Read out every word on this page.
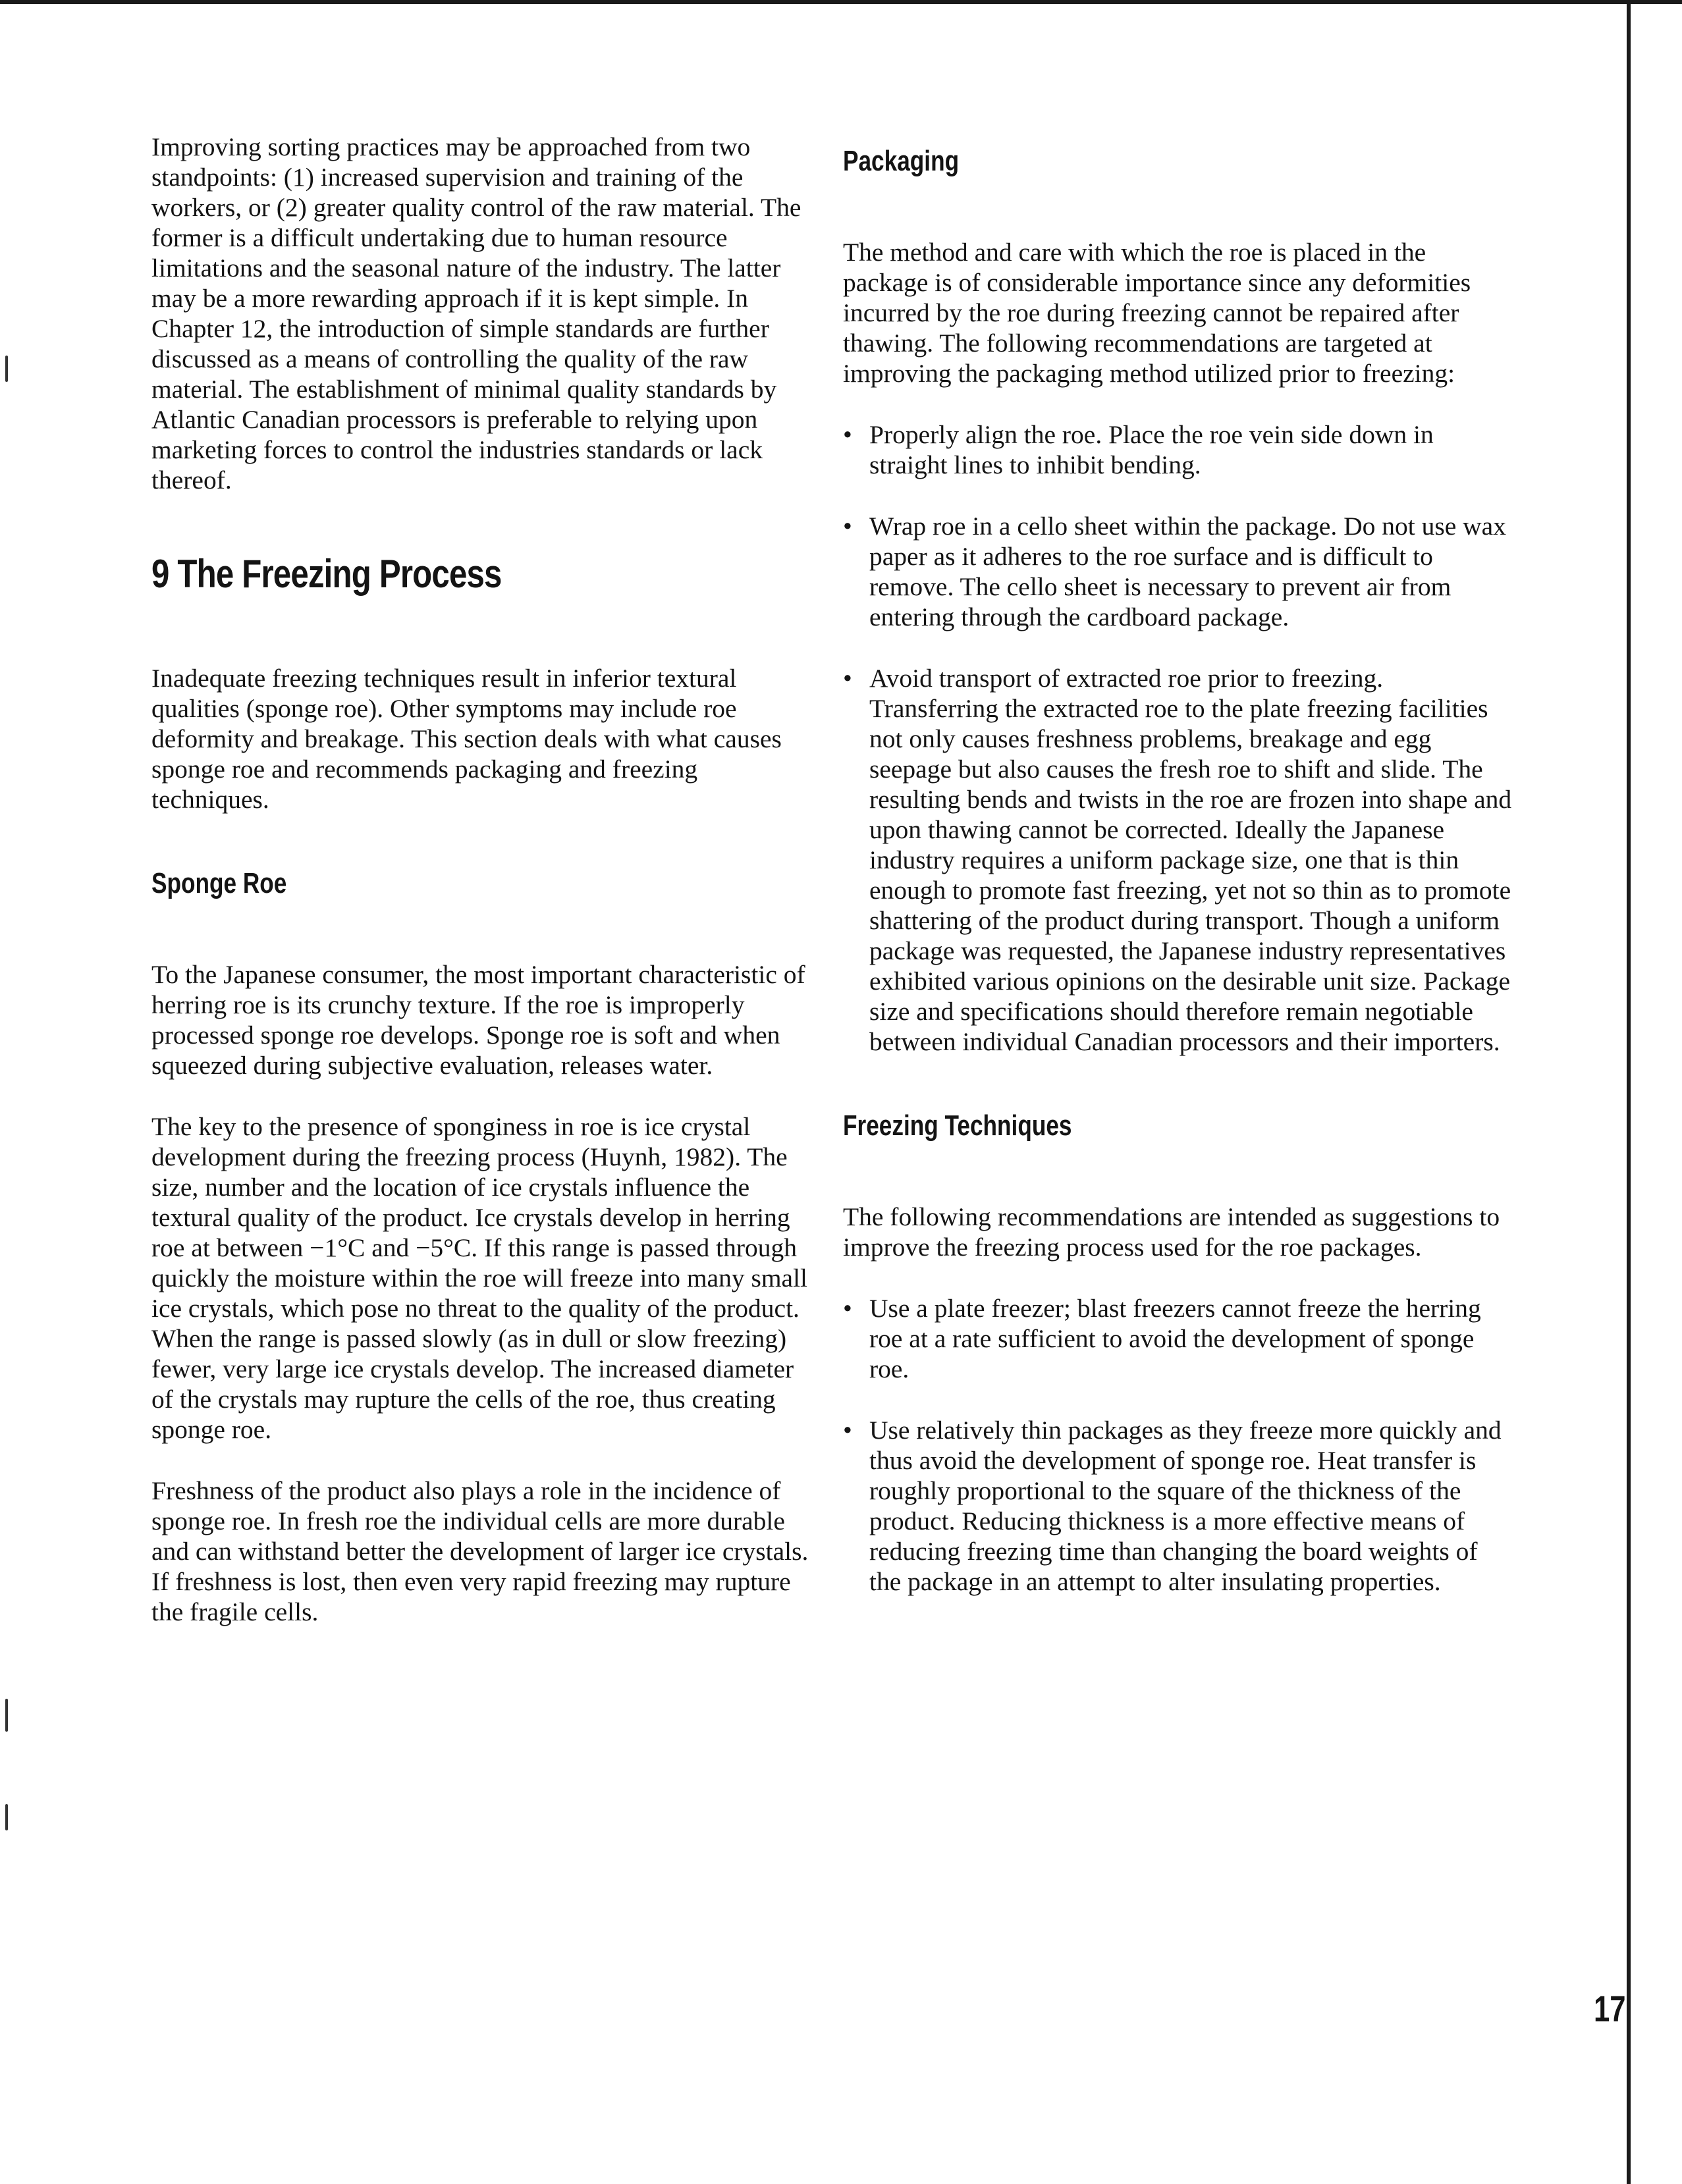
Improving sorting practices may be approached from two standpoints: (1) increased supervision and training of the workers, or (2) greater quality control of the raw material. The former is a difficult undertaking due to human resource limitations and the seasonal nature of the industry. The latter may be a more rewarding approach if it is kept simple. In Chapter 12, the introduction of simple standards are further discussed as a means of controlling the quality of the raw material. The establishment of minimal quality standards by Atlantic Canadian processors is preferable to relying upon marketing forces to control the industries standards or lack thereof.

9 The Freezing Process

Inadequate freezing techniques result in inferior textural qualities (sponge roe). Other symptoms may include roe deformity and breakage. This section deals with what causes sponge roe and recommends packaging and freezing techniques.

Sponge Roe

To the Japanese consumer, the most important characteristic of herring roe is its crunchy texture. If the roe is improperly processed sponge roe develops. Sponge roe is soft and when squeezed during subjective evaluation, releases water.

The key to the presence of sponginess in roe is ice crystal development during the freezing process (Huynh, 1982). The size, number and the location of ice crystals influence the textural quality of the product. Ice crystals develop in herring roe at between −1°C and −5°C. If this range is passed through quickly the moisture within the roe will freeze into many small ice crystals, which pose no threat to the quality of the product. When the range is passed slowly (as in dull or slow freezing) fewer, very large ice crystals develop. The increased diameter of the crystals may rupture the cells of the roe, thus creating sponge roe.

Freshness of the product also plays a role in the incidence of sponge roe. In fresh roe the individual cells are more durable and can withstand better the development of larger ice crystals. If freshness is lost, then even very rapid freezing may rupture the fragile cells.

Packaging

The method and care with which the roe is placed in the package is of considerable importance since any deformities incurred by the roe during freezing cannot be repaired after thawing. The following recommendations are targeted at improving the packaging method utilized prior to freezing:

• Properly align the roe. Place the roe vein side down in straight lines to inhibit bending.
• Wrap roe in a cello sheet within the package. Do not use wax paper as it adheres to the roe surface and is difficult to remove. The cello sheet is necessary to prevent air from entering through the cardboard package.
• Avoid transport of extracted roe prior to freezing. Transferring the extracted roe to the plate freezing facilities not only causes freshness problems, breakage and egg seepage but also causes the fresh roe to shift and slide. The resulting bends and twists in the roe are frozen into shape and upon thawing cannot be corrected. Ideally the Japanese industry requires a uniform package size, one that is thin enough to promote fast freezing, yet not so thin as to promote shattering of the product during transport. Though a uniform package was requested, the Japanese industry representatives exhibited various opinions on the desirable unit size. Package size and specifications should therefore remain negotiable between individual Canadian processors and their importers.
Freezing Techniques

The following recommendations are intended as suggestions to improve the freezing process used for the roe packages.

• Use a plate freezer; blast freezers cannot freeze the herring roe at a rate sufficient to avoid the development of sponge roe.
• Use relatively thin packages as they freeze more quickly and thus avoid the development of sponge roe. Heat transfer is roughly proportional to the square of the thickness of the product. Reducing thickness is a more effective means of reducing freezing time than changing the board weights of the package in an attempt to alter insulating properties.
17
